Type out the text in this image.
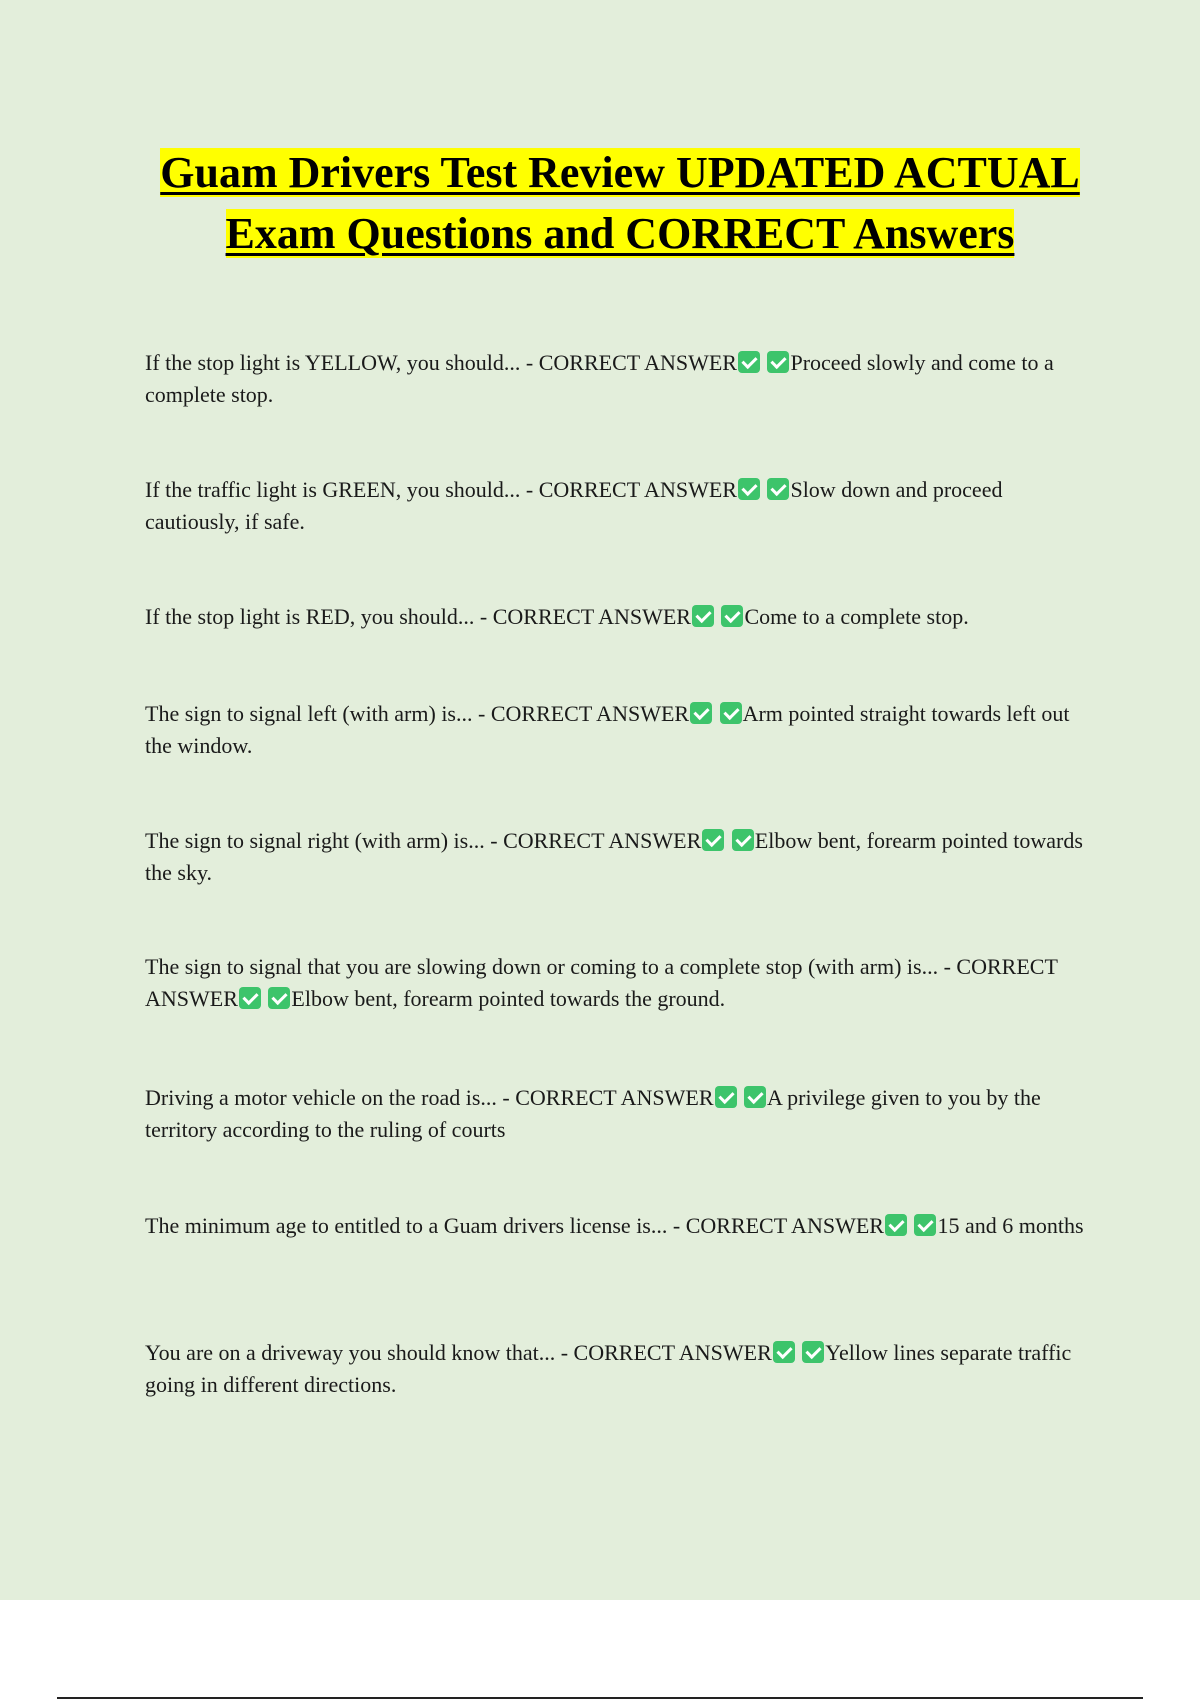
Guam Drivers Test Review UPDATED ACTUAL Exam Questions and CORRECT Answers

If the stop light is YELLOW, you should... - CORRECT ANSWER Proceed slowly and come to a complete stop.

If the traffic light is GREEN, you should... - CORRECT ANSWER Slow down and proceed cautiously, if safe.

If the stop light is RED, you should... - CORRECT ANSWER Come to a complete stop.

The sign to signal left (with arm) is... - CORRECT ANSWER Arm pointed straight towards left out the window.

The sign to signal right (with arm) is... - CORRECT ANSWER Elbow bent, forearm pointed towards the sky.

The sign to signal that you are slowing down or coming to a complete stop (with arm) is... - CORRECT ANSWER Elbow bent, forearm pointed towards the ground.

Driving a motor vehicle on the road is... - CORRECT ANSWER A privilege given to you by the territory according to the ruling of courts

The minimum age to entitled to a Guam drivers license is... - CORRECT ANSWER 15 and 6 months

You are on a driveway you should know that... - CORRECT ANSWER Yellow lines separate traffic going in different directions.
